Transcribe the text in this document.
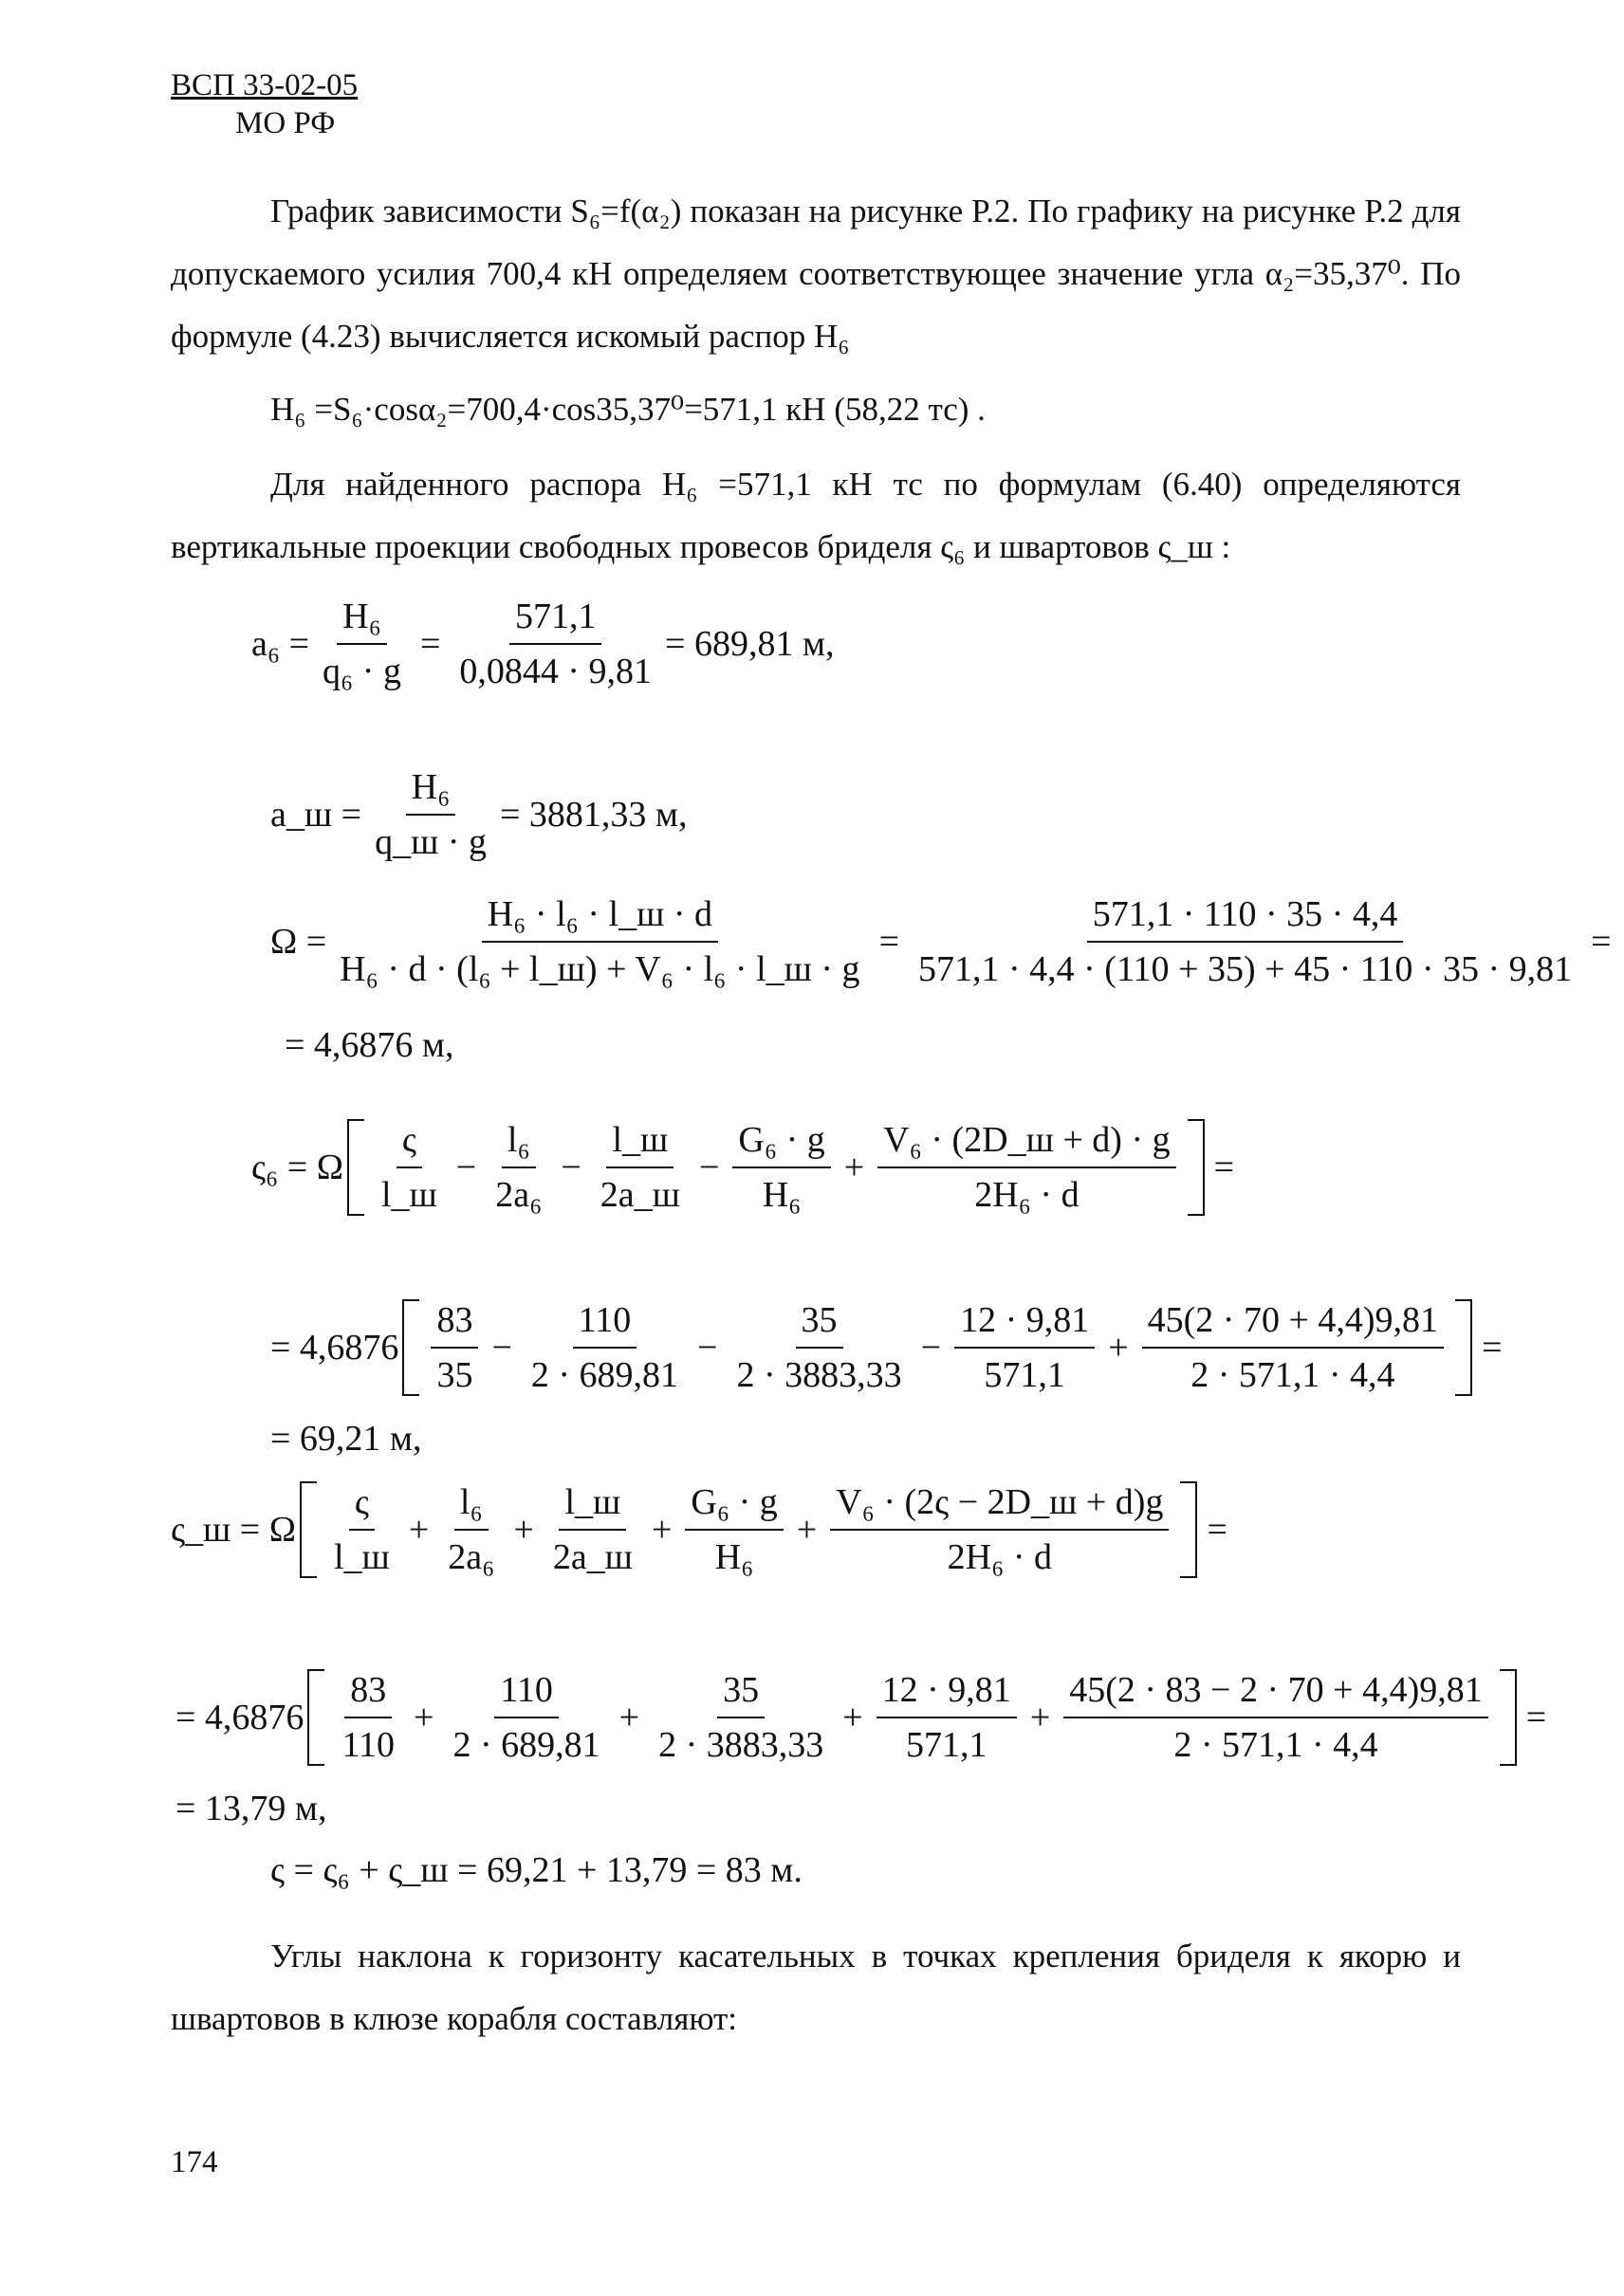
ВСП 33-02-05
МО РФ
График зависимости S₆=f(α₂) показан на рисунке Р.2. По графику на рисунке Р.2 для допускаемого усилия 700,4 кН определяем соответствующее значение угла α₂=35,37⁰. По формуле (4.23) вычисляется искомый распор H₆
H₆ =S₆·cosα₂=700,4·cos35,37⁰=571,1 кН (58,22 тс) .
Для найденного распора H₆ =571,1 кН тс по формулам (6.40) определяются вертикальные проекции свободных провесов бриделя ς₆ и швартовов ς_ш :
$a_6 = \frac{\text{H₆}}{\text{q₆ · g}} = \frac{571,1}{0,0844 \cdot 9,81} = 689,81$ м,
a_ш =
H₆
q_ш · g
= 3881,33 м,
Ω =
H₆ · l₆ · l_ш · d
H₆ · d · (l₆ + l_ш) + V₆ · l₆ · l_ш · g
= $\frac{571,1 \cdot 110 \cdot 35 \cdot 4,4}{571,1 \cdot 4,4 \cdot (110 + 35) + 45 \cdot 110 \cdot 35 \cdot 9,81}$ =
= 4,6876 м,
ς₆ = Ω
ς
l_ш
− $\frac{\text{l₆}}{\text{2a₆}}$ −
l_ш
2a_ш
− $\frac{\text{G₆ · g}}{\text{H₆}}$ +
V₆ · (2D_ш + d) · g
2H₆ · d
=
= 4,6876
83
35
− $\frac{110}{2 \cdot 689,81} - \frac{35}{2 \cdot 3883,33} - \frac{12 \cdot 9,81}{571,1} + \frac{45(2 \cdot 70 + 4,4)9,81}{2 \cdot 571,1 \cdot 4,4}$ =
= 69,21 м,
ς_ш = Ω
ς
l_ш
+ $\frac{\text{l₆}}{\text{2a₆}}$ +
l_ш
2a_ш
+ $\frac{\text{G₆ · g}}{\text{H₆}}$ +
V₆ · (2ς − 2D_ш + d)g
2H₆ · d
=
= 4,6876
83
110
+ $\frac{110}{2 \cdot 689,81} + \frac{35}{2 \cdot 3883,33} + \frac{12 \cdot 9,81}{571,1} + \frac{45(2 \cdot 83 - 2 \cdot 70 + 4,4)9,81}{2 \cdot 571,1 \cdot 4,4}$ =
= 13,79 м,
ς = ς₆ + ς_ш = 69,21 + 13,79 = 83 м.
Углы наклона к горизонту касательных в точках крепления бриделя к якорю и швартовов в клюзе корабля составляют:
174
